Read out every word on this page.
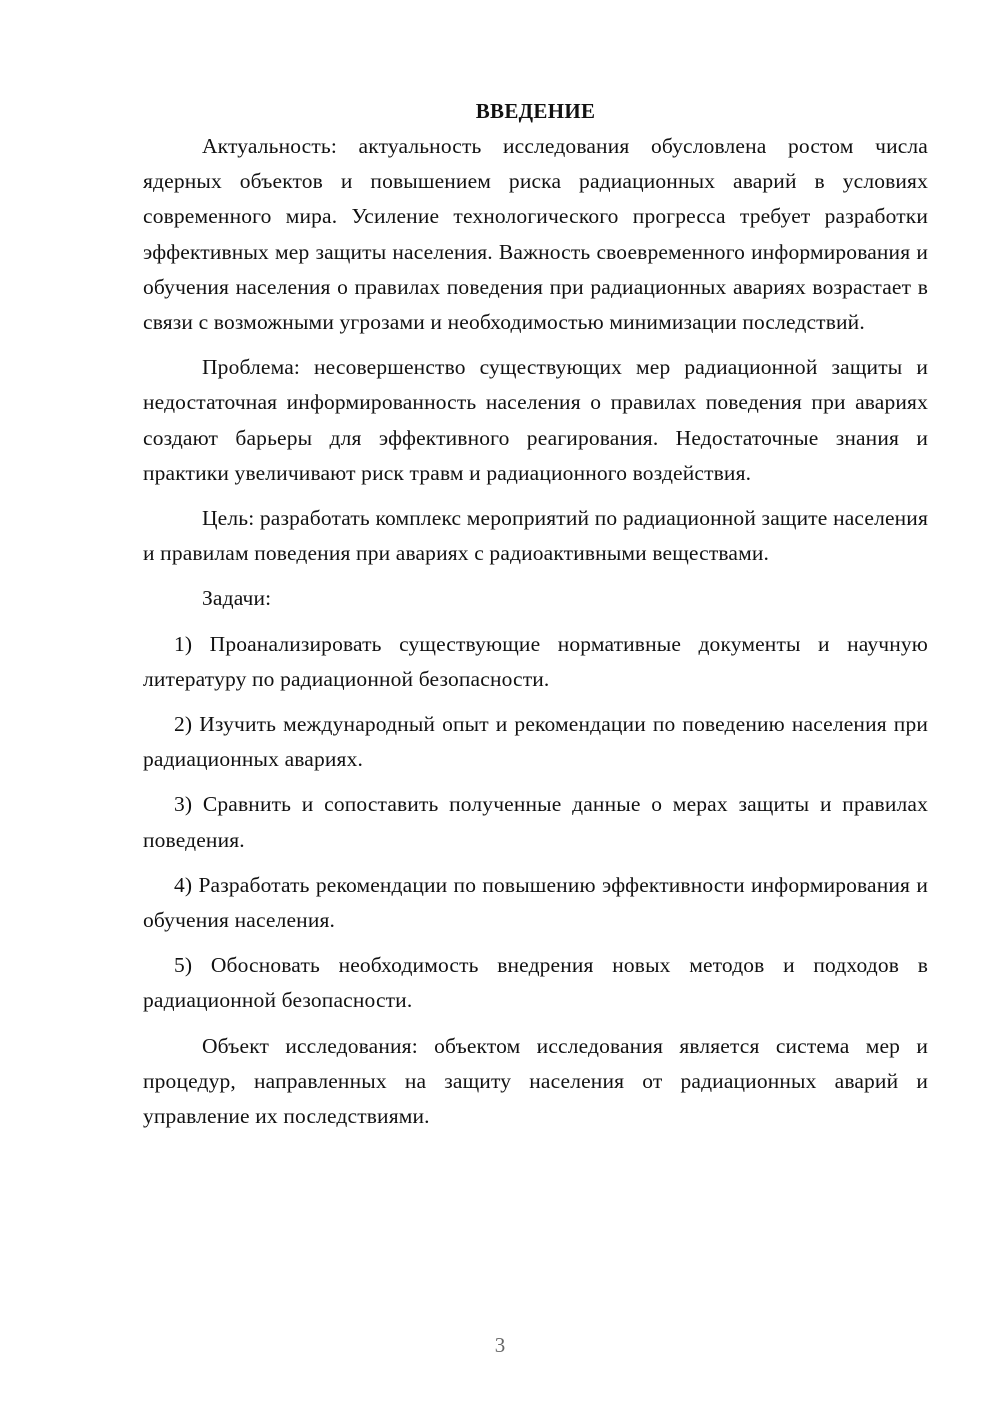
ВВЕДЕНИЕ

Актуальность: актуальность исследования обусловлена ростом числа ядерных объектов и повышением риска радиационных аварий в условиях современного мира. Усиление технологического прогресса требует разработки эффективных мер защиты населения. Важность своевременного информирования и обучения населения о правилах поведения при радиационных авариях возрастает в связи с возможными угрозами и необходимостью минимизации последствий.

Проблема: несовершенство существующих мер радиационной защиты и недостаточная информированность населения о правилах поведения при авариях создают барьеры для эффективного реагирования. Недостаточные знания и практики увеличивают риск травм и радиационного воздействия.

Цель: разработать комплекс мероприятий по радиационной защите населения и правилам поведения при авариях с радиоактивными веществами.

Задачи:

1) Проанализировать существующие нормативные документы и научную литературу по радиационной безопасности.

2) Изучить международный опыт и рекомендации по поведению населения при радиационных авариях.

3) Сравнить и сопоставить полученные данные о мерах защиты и правилах поведения.

4) Разработать рекомендации по повышению эффективности информирования и обучения населения.

5) Обосновать необходимость внедрения новых методов и подходов в радиационной безопасности.

Объект исследования: объектом исследования является система мер и процедур, направленных на защиту населения от радиационных аварий и управление их последствиями.

3
